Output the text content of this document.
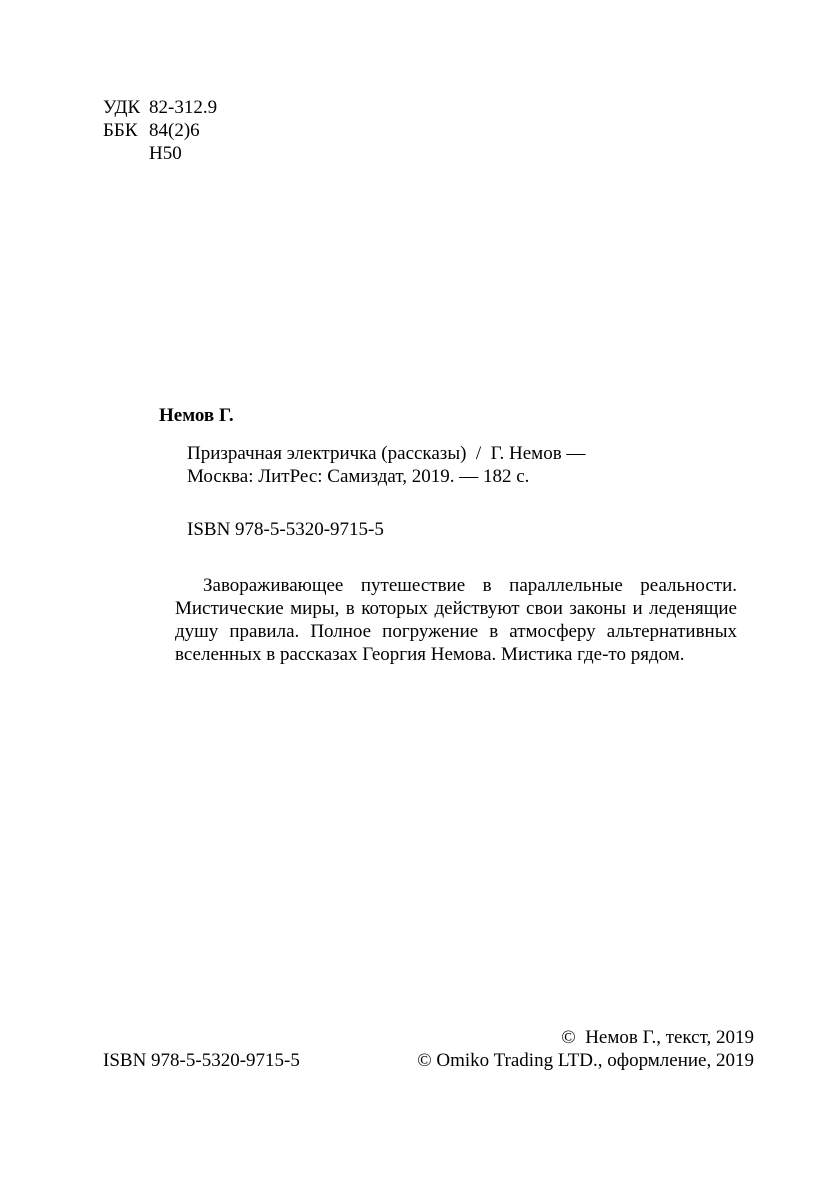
УДК 82-312.9
ББК 84(2)6
Н50
Немов Г.
Призрачная электричка (рассказы)  /  Г. Немов —
Москва: ЛитРес: Самиздат, 2019. — 182 с.
ISBN 978-5-5320-9715-5

Завораживающее путешествие в параллельные реальности. Мистические миры, в которых действуют свои законы и леденящие душу правила. Полное погружение в атмосферу альтернативных вселенных в рассказах Георгия Немова. Мистика где-то рядом.

ISBN 978-5-5320-9715-5
©  Немов Г., текст, 2019
© Omiko Trading LTD., оформление, 2019
